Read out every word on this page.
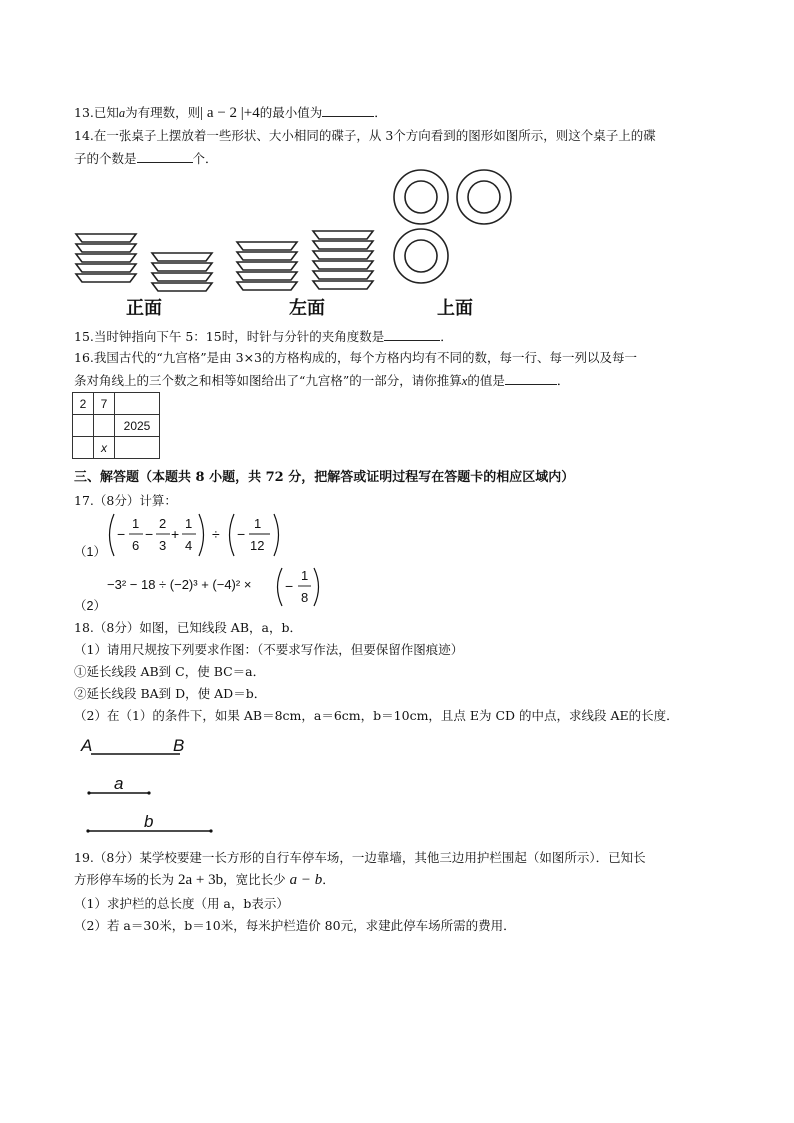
13.已知a为有理数，则| a − 2 |+4的最小值为	．
14.在一张桌子上摆放着一些形状、大小相同的碟子，从 3个方向看到的图形如图所示，则这个桌子上的碟
子的个数是	个．
正面	左面	上面
15.当时钟指向下午 5：15时，时针与分针的夹角度数是	．
16.我国古代的“九宫格”是由 3×3的方格构成的，每个方格内均有不同的数，每一行、每一列以及每一
条对角线上的三个数之和相等如图给出了“九宫格”的一部分，请你推算x的值是	．
2	7	
		2025
	x	
三、解答题（本题共 8 小题，共 72 分，把解答或证明过程写在答题卡的相应区域内）
17.（8分）计算：
（1）
−
1
6
−
2
3
+
1
4
÷ −
1
12
（2）
−3² − 18 ÷ (−2)³ + (−4)² × −
1
8
18.（8分）如图，已知线段 AB，a，b．
（1）请用尺规按下列要求作图：（不要求写作法，但要保留作图痕迹）
①延长线段 AB到 C，使 BC＝a．
②延长线段 BA到 D，使 AD＝b．
（2）在（1）的条件下，如果 AB＝8cm，a＝6cm，b＝10cm，且点 E为 CD 的中点，求线段 AE的长度．
A	B
a
b
19.（8分）某学校要建一长方形的自行车停车场，一边靠墙，其他三边用护栏围起（如图所示）．已知长
方形停车场的长为 2a + 3b，宽比长少 a − b．
（1）求护栏的总长度（用 a，b表示）
（2）若 a＝30米，b＝10米，每米护栏造价 80元，求建此停车场所需的费用．
